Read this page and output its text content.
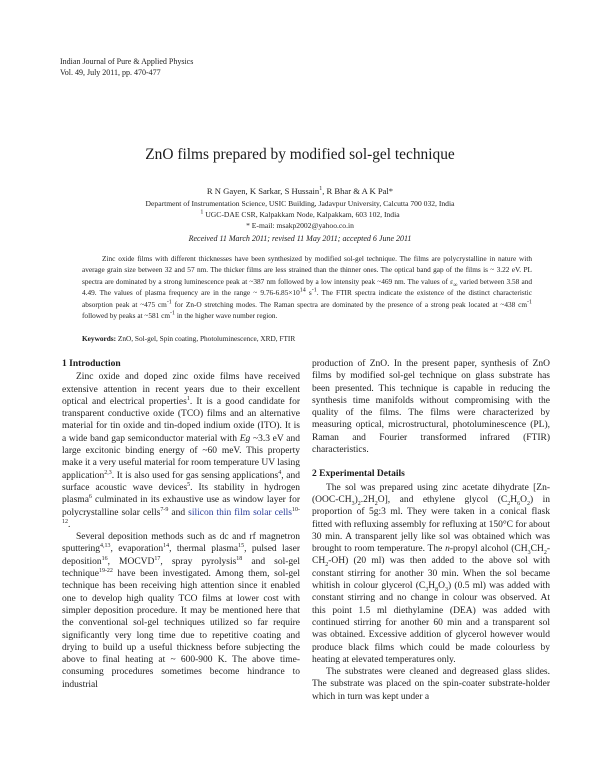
Indian Journal of Pure & Applied Physics
Vol. 49, July 2011, pp. 470-477
ZnO films prepared by modified sol-gel technique
R N Gayen, K Sarkar, S Hussain$^1$, R Bhar & A K Pal*
Department of Instrumentation Science, USIC Building, Jadavpur University, Calcutta 700 032, India
$^1$ UGC-DAE CSR, Kalpakkam Node, Kalpakkam, 603 102, India
* E-mail: msakp2002@yahoo.co.in
Received 11 March 2011; revised 11 May 2011; accepted 6 June 2011

Zinc oxide films with different thicknesses have been synthesized by modified sol-gel technique. The films are polycrystalline in nature with average grain size between 32 and 57 nm. The thicker films are less strained than the thinner ones. The optical band gap of the films is ~ 3.22 eV. PL spectra are dominated by a strong luminescence peak at ~387 nm followed by a low intensity peak ~469 nm. The values of $\varepsilon_\infty$ varied between 3.58 and 4.49. The values of plasma frequency are in the range ~ $9.76-6.85\times 10^{14}$ $s^{-1}$. The FTIR spectra indicate the existence of the distinct characteristic absorption peak at ~475 $cm^{-1}$ for Zn-O stretching modes. The Raman spectra are dominated by the presence of a strong peak located at ~438 $cm^{-1}$ followed by peaks at ~581 $cm^{-1}$ in the higher wave number region.

Keywords: ZnO, Sol-gel, Spin coating, Photoluminescence, XRD, FTIR
1 Introduction

Zinc oxide and doped zinc oxide films have received extensive attention in recent years due to their excellent optical and electrical properties$^1$. It is a good candidate for transparent conductive oxide (TCO) films and an alternative material for tin oxide and tin-doped indium oxide (ITO). It is a wide band gap semiconductor material with Eg ~3.3 eV and large excitonic binding energy of ~60 meV. This property make it a very useful material for room temperature UV lasing application$^{2,3}$. It is also used for gas sensing applications$^4$, and surface acoustic wave devices$^5$. Its stability in hydrogen plasma$^6$ culminated in its exhaustive use as window layer for polycrystalline solar cells$^{7-9}$ and silicon thin film solar cells$^{10-12}$.

Several deposition methods such as dc and rf magnetron sputtering$^{4,13}$, evaporation$^{14}$, thermal plasma$^{15}$, pulsed laser deposition$^{16}$, MOCVD$^{17}$, spray pyrolysis$^{18}$ and sol-gel technique$^{19-22}$ have been investigated. Among them, sol-gel technique has been receiving high attention since it enabled one to develop high quality TCO films at lower cost with simpler deposition procedure. It may be mentioned here that the conventional sol-gel techniques utilized so far require significantly very long time due to repetitive coating and drying to build up a useful thickness before subjecting the above to final heating at ~ 600-900 K. The above time-consuming procedures sometimes become hindrance to industrial

production of ZnO. In the present paper, synthesis of ZnO films by modified sol-gel technique on glass substrate has been presented. This technique is capable in reducing the synthesis time manifolds without compromising with the quality of the films. The films were characterized by measuring optical, microstructural, photoluminescence (PL), Raman and Fourier transformed infrared (FTIR) characteristics.

2 Experimental Details

The sol was prepared using zinc acetate dihydrate $[Zn-(OOC-CH_3)_2.2H_2O]$, and ethylene glycol $(C_2H_6O_2)$ in proportion of 5g:3 ml. They were taken in a conical flask fitted with refluxing assembly for refluxing at 150°C for about 30 min. A transparent jelly like sol was obtained which was brought to room temperature. The n-propyl alcohol $(CH_3CH_2-CH_2-OH)$ (20 ml) was then added to the above sol with constant stirring for another 30 min. When the sol became whitish in colour glycerol $(C_3H_8O_3)$ (0.5 ml) was added with constant stirring and no change in colour was observed. At this point 1.5 ml diethylamine (DEA) was added with continued stirring for another 60 min and a transparent sol was obtained. Excessive addition of glycerol however would produce black films which could be made colourless by heating at elevated temperatures only.

The substrates were cleaned and degreased glass slides. The substrate was placed on the spin-coater substrate-holder which in turn was kept under a
